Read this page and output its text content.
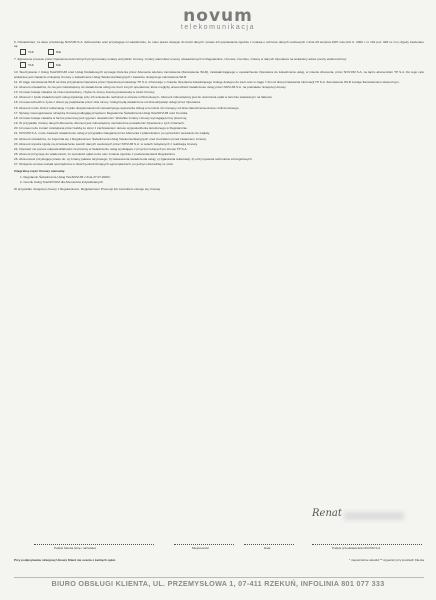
novum
telekomunikacja

6. Oświadczam, że dane przekazuję NOVUM S.A. dobrowolnie oraz przysługuje mi wielokrotnie, że mam prawo dostępu do treści danych i prawo ich poprawiania zgodnie z ustawą o ochronie danych osobowych z dnia 29 sierpnia 1997 roku (Dz.U. 2002 r. nr 101 poz. 926 ze zm.) Zgody zawierane są:

TAK	NIE

7. Zgłoszenie procesu przez Operatora treści których przypomniany ustawy wszystkim Umowy, zmiany warunków umowy uzasadnionych w Regulaminie, Umowie, Cenniku, zmiany w danych Operatora na wskazany adres poczty elektronicznej:

TAK	NIE

10. Skorzystanie z Usług TeleNOVUM oraz Usług Dodatkowych wymaga złożenia przez Abonenta telefonu zamówienia (Zamówienie WLR), zaświadczającego o upoważnieniu Operatora do świadczenia usług, w imieniu Abonenta, przez NOVUM S.A. na łączu abonenckim TP S.A. Do tego celu wskazane jest zawarcie niniejszej Umowy o świadczenie Usług Telekomunikacyjnych i zawarcie niniejszego zamówienia WLR.

11. W ciągu zamówienia WLR od dnia przypisania Operatora przez Operatora przekazuje TP S.A. informacje o zmianie Operatora świadczącego Usługę dostępu do sieci oraz w ciągu 7 dni od dnia przekazania informacji TP S.A. Zamówienie WLR zostaje Zamówieniem skutecznym.

12. Abonent oświadcza, że nie jest zobowiązany do świadczenia usług na rzecz innych operatorów, które mogłyby uniemożliwić świadczenie usług przez NOVUM S.A. na podstawie niniejszej Umowy.

13. Umowa zostaje zawarta na czas nieokreślony, chyba że strony inaczej postanowią w treści Umowy.

14. Abonent z tytułu świadczonych usług wykazuje przy ich wniesieniu rachunek w okresie rozliczeniowym. Abonent zobowiązany jest do uiszczania opłat w terminie wskazanym na fakturze.

15. Umowa wchodzi w życie z dniem jej podpisania przez obie strony. Usługi będą świadczone od dnia aktywacji usługi przez Operatora.

16. Abonent może złożyć reklamację z tytułu niewykonania lub nienależytego wykonania Usługi w terminie 12 miesięcy od dnia zakończenia okresu rozliczeniowego.

17. Sprawy nieuregulowane niniejszą Umową podlegają przepisom Regulaminu Świadczenia Usług TeleNOVUM oraz Cennika.

18. Umowa zostaje zawarta w formie pisemnej pod rygorem nieważności. Wszelkie zmiany Umowy wymagają formy pisemnej.

19. W przypadku zmiany danych Abonenta, Abonent jest zobowiązany niezwłocznie powiadomić Operatora o tych zmianach.

20. Umowa może zostać rozwiązana przez każdą ze stron z zachowaniem okresu wypowiedzenia określonego w Regulaminie.

21. NOVUM S.A. może zawiesić świadczenie usług w przypadku zalegania przez Abonenta z płatnościami, po uprzednim wezwaniu do zapłaty.

22. Abonent oświadcza, że zapoznał się z Regulaminem Świadczenia Usług Telekomunikacyjnych oraz Cennikiem przed zawarciem Umowy.

23. Abonent wyraża zgodę na przetwarzanie swoich danych osobowych przez NOVUM S.A. w celach związanych z realizacją Umowy.

24. Operator nie ponosi odpowiedzialności za przerwy w świadczeniu usług wynikające z przyczyn leżących po stronie TP S.A.

25. Abonent przyjmuje do wiadomości, że wysokość opłat może ulec zmianie zgodnie z postanowieniami Regulaminu.

26. Abonentowi przysługuje prawo do: a) zmiany pakietu taryfowego; b) zawieszenia świadczenia usług; c) zgłaszania reklamacji; d) otrzymywania rachunków szczegółowych.

27. Niniejsza umowa została sporządzona w dwóch jednobrzmiących egzemplarzach, po jednym dla każdej ze stron.

Integralną część Umowy stanowią:

1. Regulamin Świadczenia Usług TeleNOVUM z dnia 27.07.2009 r.

2. Cennik Usług TeleNOVUM dla Abonentów indywidualnych

W przypadku niniejszej Umowy z Regulaminem, Regulaminem Promocji lub Cennikiem stosuje się Umowę.

Renat
Podpis Klienta (imię i nazwisko)	Miejscowość	Data	Podpis przedstawiciela NOVUM S.A.
Przy podpisywaniu niniejszej Umowy Klient nie ocenia z żadnych opłat.	* niepotrzebne skreślić ** wypełnić przy kosztach Klienta
BIURO OBSŁUGI KLIENTA, UL. PRZEMYSŁOWA 1, 07-411 RZEKUŃ, INFOLINIA 801 077 333
